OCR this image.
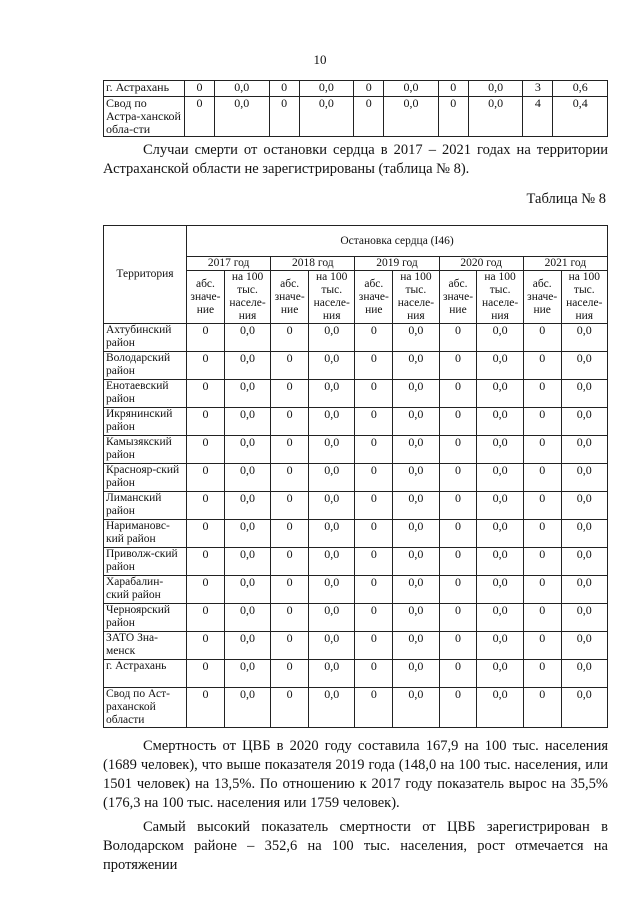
10
г. Астрахань	0	0,0	0	0,0	0	0,0	0	0,0	3	0,6
Свод по Астра-ханской обла-сти	0	0,0	0	0,0	0	0,0	0	0,0	4	0,4
Случаи смерти от остановки сердца в 2017 – 2021 годах на территории Астраханской области не зарегистрированы (таблица № 8).
Таблица № 8
Территория	Остановка сердца (I46)									
	2017 год		2018 год		2019 год		2020 год		2021 год	
	абс. значе-ние	на 100 тыс. населе-ния	абс. значе-ние	на 100 тыс. населе-ния	абс. значе-ние	на 100 тыс. населе-ния	абс. значе-ние	на 100 тыс. населе-ния	абс. значе-ние	на 100 тыс. населе-ния
Ахтубинский район	0	0,0	0	0,0	0	0,0	0	0,0	0	0,0
Володарский район	0	0,0	0	0,0	0	0,0	0	0,0	0	0,0
Енотаевский район	0	0,0	0	0,0	0	0,0	0	0,0	0	0,0
Икрянинский район	0	0,0	0	0,0	0	0,0	0	0,0	0	0,0
Камызякский район	0	0,0	0	0,0	0	0,0	0	0,0	0	0,0
Краснояр-ский район	0	0,0	0	0,0	0	0,0	0	0,0	0	0,0
Лиманский район	0	0,0	0	0,0	0	0,0	0	0,0	0	0,0
Наримановс-кий район	0	0,0	0	0,0	0	0,0	0	0,0	0	0,0
Приволж-ский район	0	0,0	0	0,0	0	0,0	0	0,0	0	0,0
Харабалин-ский район	0	0,0	0	0,0	0	0,0	0	0,0	0	0,0
Черноярский район	0	0,0	0	0,0	0	0,0	0	0,0	0	0,0
ЗАТО Зна-менск	0	0,0	0	0,0	0	0,0	0	0,0	0	0,0
г. Астрахань	0	0,0	0	0,0	0	0,0	0	0,0	0	0,0
Свод по Аст-раханской области	0	0,0	0	0,0	0	0,0	0	0,0	0	0,0
Смертность от ЦВБ в 2020 году составила 167,9 на 100 тыс. населения (1689 человек), что выше показателя 2019 года (148,0 на 100 тыс. населения, или 1501 человек) на 13,5%. По отношению к 2017 году показатель вырос на 35,5% (176,3 на 100 тыс. населения или 1759 человек).
Самый высокий показатель смертности от ЦВБ зарегистрирован в Володарском районе – 352,6 на 100 тыс. населения, рост отмечается на протяжении
